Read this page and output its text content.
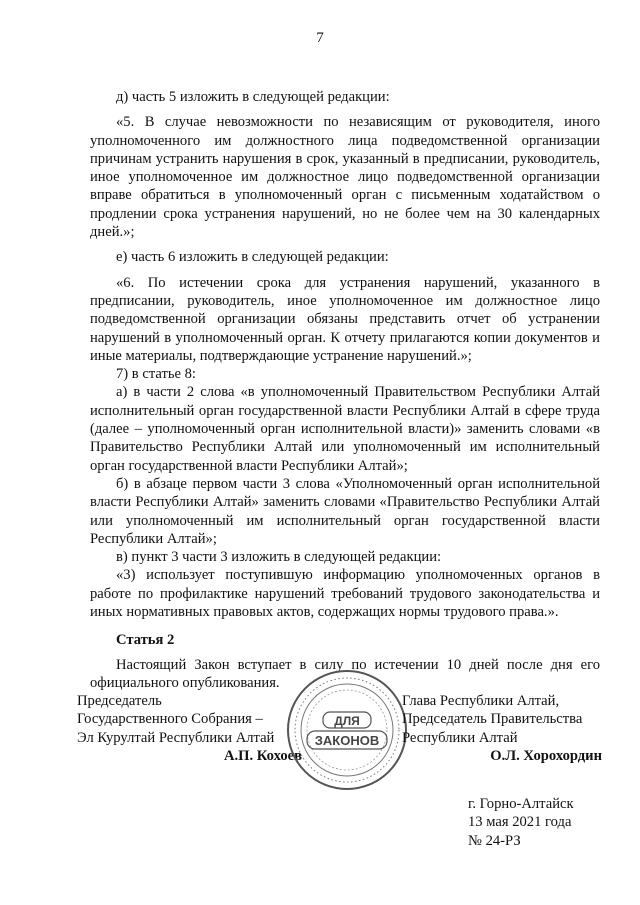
7

д) часть 5 изложить в следующей редакции:

«5. В случае невозможности по независящим от руководителя, иного уполномоченного им должностного лица подведомственной организации причинам устранить нарушения в срок, указанный в предписании, руководитель, иное уполномоченное им должностное лицо подведомственной организации вправе обратиться в уполномоченный орган с письменным ходатайством о продлении срока устранения нарушений, но не более чем на 30 календарных дней.»;

е) часть 6 изложить в следующей редакции:

«6. По истечении срока для устранения нарушений, указанного в предписании, руководитель, иное уполномоченное им должностное лицо подведомственной организации обязаны представить отчет об устранении нарушений в уполномоченный орган. К отчету прилагаются копии документов и иные материалы, подтверждающие устранение нарушений.»;

7) в статье 8:

а) в части 2 слова «в уполномоченный Правительством Республики Алтай исполнительный орган государственной власти Республики Алтай в сфере труда (далее – уполномоченный орган исполнительной власти)» заменить словами «в Правительство Республики Алтай или уполномоченный им исполнительный орган государственной власти Республики Алтай»;

б) в абзаце первом части 3 слова «Уполномоченный орган исполнительной власти Республики Алтай» заменить словами «Правительство Республики Алтай или уполномоченный им исполнительный орган государственной власти Республики Алтай»;

в) пункт 3 части 3 изложить в следующей редакции:

«3) использует поступившую информацию уполномоченных органов в работе по профилактике нарушений требований трудового законодательства и иных нормативных правовых актов, содержащих нормы трудового права.».

Статья 2

Настоящий Закон вступает в силу по истечении 10 дней после дня его официального опубликования.

Председатель
Государственного Собрания –
Эл Курултай Республики Алтай
А.П. Кохоев
ДЛЯ
ЗАКОНОВ
Глава Республики Алтай,
Председатель Правительства
Республики Алтай
О.Л. Хорохордин
г. Горно-Алтайск
13 мая 2021 года
№ 24-РЗ
